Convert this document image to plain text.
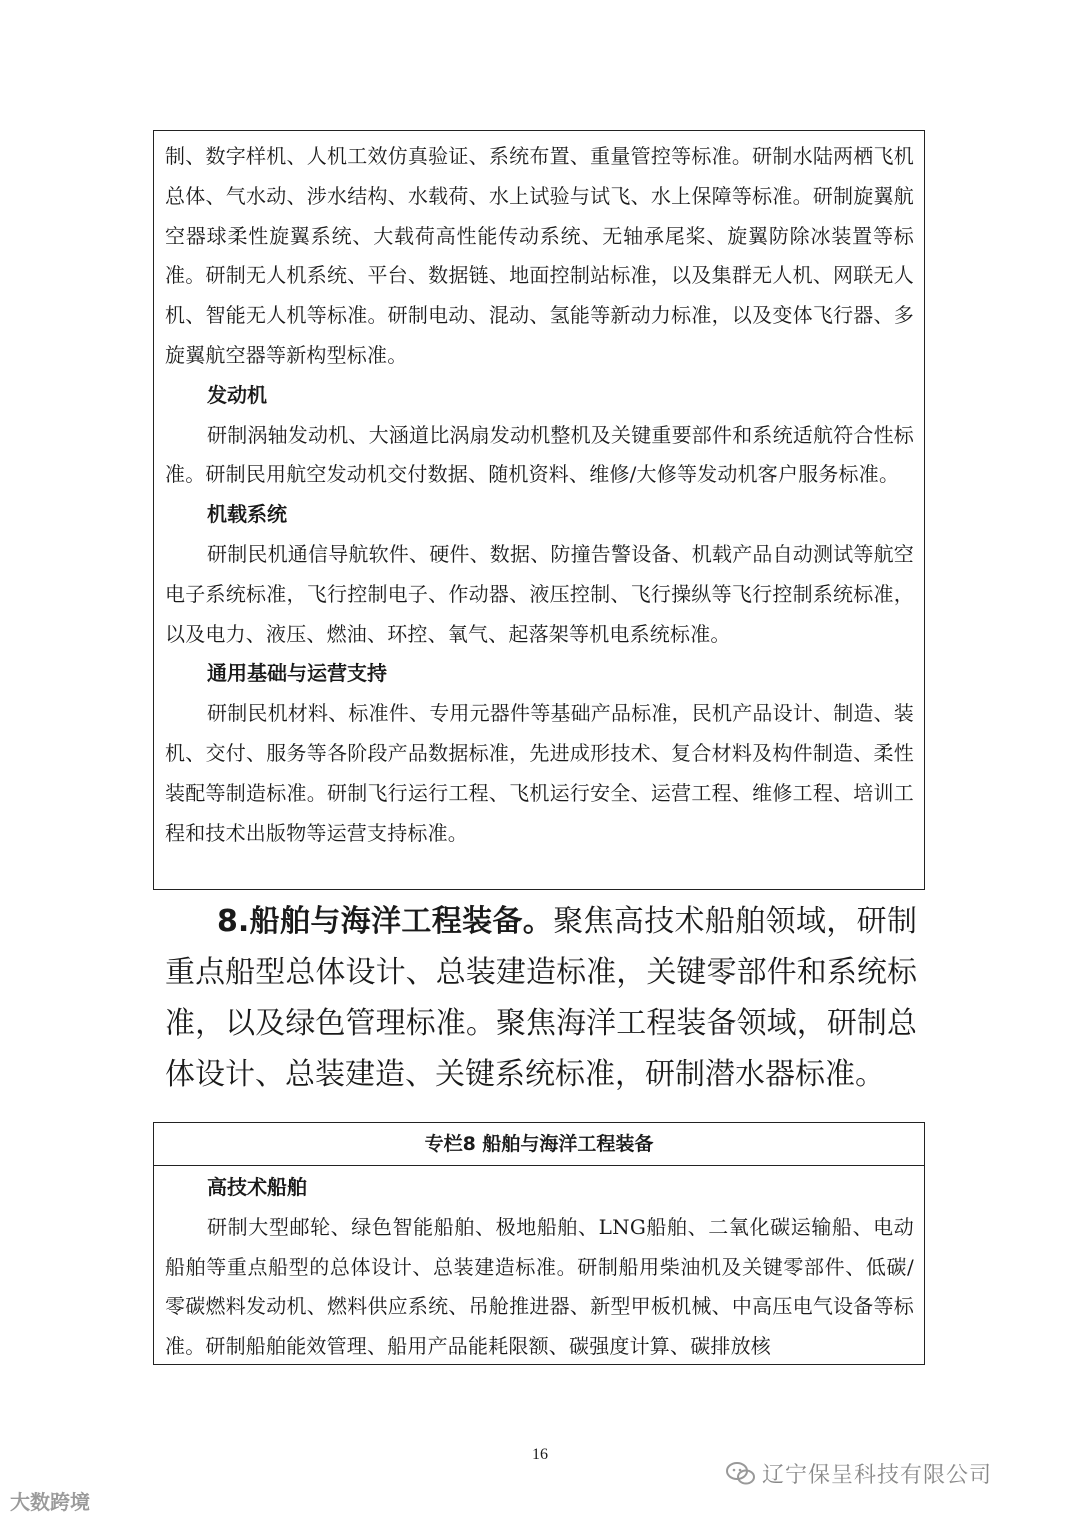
制、数字样机、人机工效仿真验证、系统布置、重量管控等标准。研制水陆两栖飞机总体、气水动、涉水结构、水载荷、水上试验与试飞、水上保障等标准。研制旋翼航空器球柔性旋翼系统、大载荷高性能传动系统、无轴承尾桨、旋翼防除冰装置等标准。研制无人机系统、平台、数据链、地面控制站标准，以及集群无人机、网联无人机、智能无人机等标准。研制电动、混动、氢能等新动力标准，以及变体飞行器、多旋翼航空器等新构型标准。

发动机

研制涡轴发动机、大涵道比涡扇发动机整机及关键重要部件和系统适航符合性标准。研制民用航空发动机交付数据、随机资料、维修/大修等发动机客户服务标准。

机载系统

研制民机通信导航软件、硬件、数据、防撞告警设备、机载产品自动测试等航空电子系统标准，飞行控制电子、作动器、液压控制、飞行操纵等飞行控制系统标准，以及电力、液压、燃油、环控、氧气、起落架等机电系统标准。

通用基础与运营支持

研制民机材料、标准件、专用元器件等基础产品标准，民机产品设计、制造、装机、交付、服务等各阶段产品数据标准，先进成形技术、复合材料及构件制造、柔性装配等制造标准。研制飞行运行工程、飞机运行安全、运营工程、维修工程、培训工程和技术出版物等运营支持标准。

8.船舶与海洋工程装备。聚焦高技术船舶领域，研制重点船型总体设计、总装建造标准，关键零部件和系统标准，以及绿色管理标准。聚焦海洋工程装备领域，研制总体设计、总装建造、关键系统标准，研制潜水器标准。

专栏8 船舶与海洋工程装备
高技术船舶

研制大型邮轮、绿色智能船舶、极地船舶、LNG船舶、二氧化碳运输船、电动船舶等重点船型的总体设计、总装建造标准。研制船用柴油机及关键零部件、低碳/零碳燃料发动机、燃料供应系统、吊舱推进器、新型甲板机械、中高压电气设备等标准。研制船舶能效管理、船用产品能耗限额、碳强度计算、碳排放核

16
大数跨境
辽宁保呈科技有限公司
